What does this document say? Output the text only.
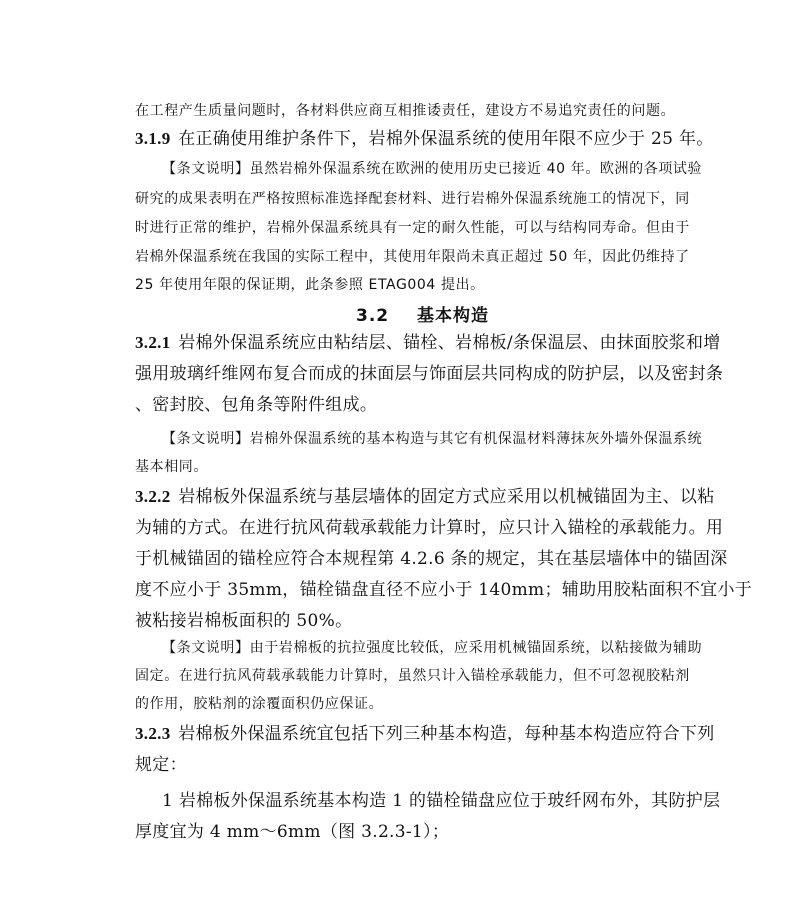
在工程产生质量问题时，各材料供应商互相推诿责任，建设方不易追究责任的问题。
3.1.9 在正确使用维护条件下，岩棉外保温系统的使用年限不应少于 25 年。
【条文说明】虽然岩棉外保温系统在欧洲的使用历史已接近 40 年。欧洲的各项试验
研究的成果表明在严格按照标准选择配套材料、进行岩棉外保温系统施工的情况下，同
时进行正常的维护，岩棉外保温系统具有一定的耐久性能，可以与结构同寿命。但由于
岩棉外保温系统在我国的实际工程中，其使用年限尚未真正超过 50 年，因此仍维持了
25 年使用年限的保证期，此条参照 ETAG004 提出。
3.2 基本构造
3.2.1 岩棉外保温系统应由粘结层、锚栓、岩棉板/条保温层、由抹面胶浆和增
强用玻璃纤维网布复合而成的抹面层与饰面层共同构成的防护层，以及密封条
、密封胶、包角条等附件组成。
【条文说明】岩棉外保温系统的基本构造与其它有机保温材料薄抹灰外墙外保温系统
基本相同。
3.2.2 岩棉板外保温系统与基层墙体的固定方式应采用以机械锚固为主、以粘
为辅的方式。在进行抗风荷载承载能力计算时，应只计入锚栓的承载能力。用
于机械锚固的锚栓应符合本规程第 4.2.6 条的规定，其在基层墙体中的锚固深
度不应小于 35mm，锚栓锚盘直径不应小于 140mm；辅助用胶粘面积不宜小于
被粘接岩棉板面积的 50%。
【条文说明】由于岩棉板的抗拉强度比较低，应采用机械锚固系统，以粘接做为辅助
固定。在进行抗风荷载承载能力计算时，虽然只计入锚栓承载能力，但不可忽视胶粘剂
的作用，胶粘剂的涂覆面积仍应保证。
3.2.3 岩棉板外保温系统宜包括下列三种基本构造，每种基本构造应符合下列
规定：
1 岩棉板外保温系统基本构造 1 的锚栓锚盘应位于玻纤网布外，其防护层
厚度宜为 4 mm～6mm（图 3.2.3-1）；
